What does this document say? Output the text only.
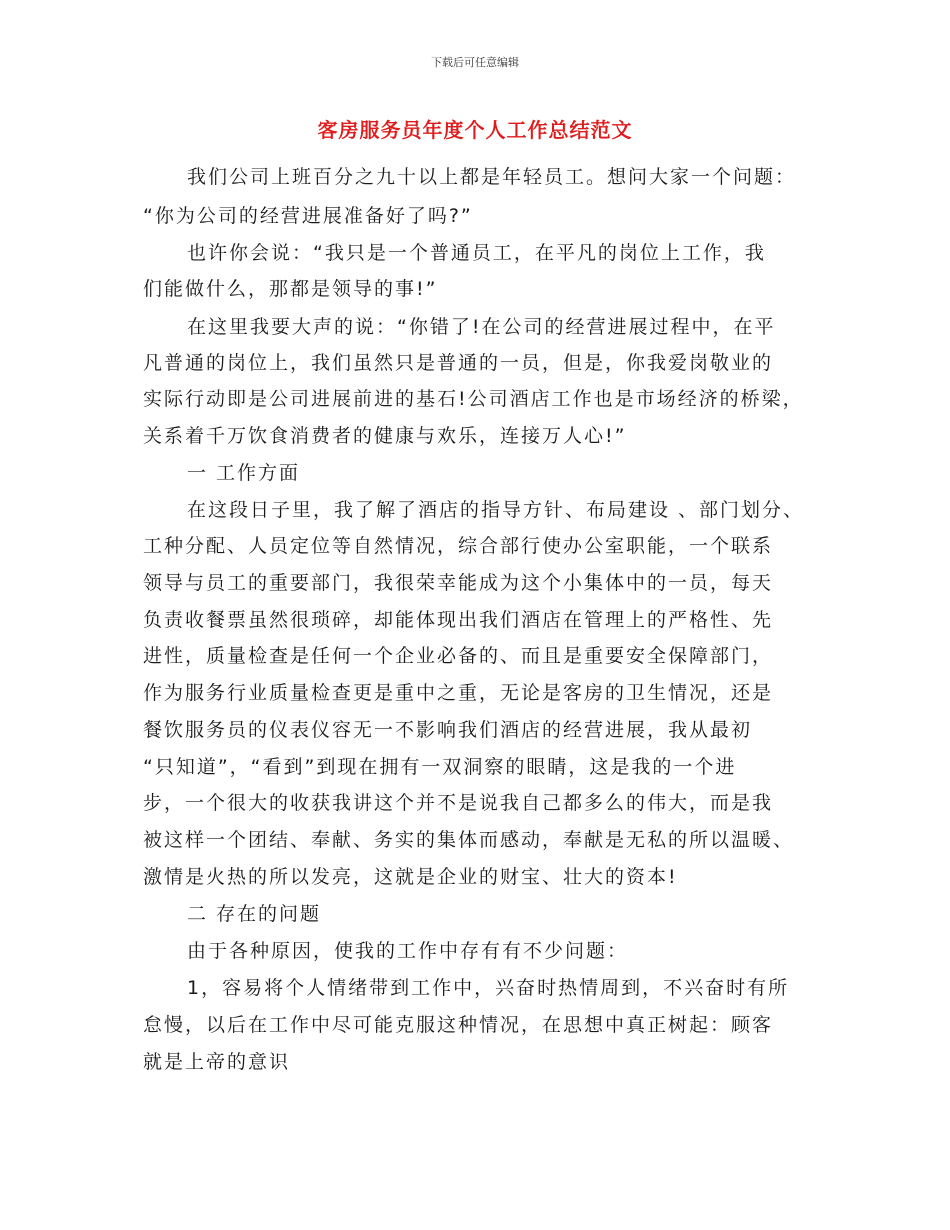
下载后可任意编辑
客房服务员年度个人工作总结范文
我们公司上班百分之九十以上都是年轻员工。想问大家一个问题：
“你为公司的经营进展准备好了吗?”
也许你会说：“我只是一个普通员工，在平凡的岗位上工作，我
们能做什么，那都是领导的事!”
在这里我要大声的说：“你错了!在公司的经营进展过程中，在平
凡普通的岗位上，我们虽然只是普通的一员，但是，你我爱岗敬业的
实际行动即是公司进展前进的基石!公司酒店工作也是市场经济的桥梁，
关系着千万饮食消费者的健康与欢乐，连接万人心!”
一 工作方面
在这段日子里，我了解了酒店的指导方针、布局建设 、部门划分、
工种分配、人员定位等自然情况，综合部行使办公室职能，一个联系
领导与员工的重要部门，我很荣幸能成为这个小集体中的一员，每天
负责收餐票虽然很琐碎，却能体现出我们酒店在管理上的严格性、先
进性，质量检查是任何一个企业必备的、而且是重要安全保障部门，
作为服务行业质量检查更是重中之重，无论是客房的卫生情况，还是
餐饮服务员的仪表仪容无一不影响我们酒店的经营进展，我从最初
“只知道”，“看到”到现在拥有一双洞察的眼睛，这是我的一个进
步，一个很大的收获我讲这个并不是说我自己都多么的伟大，而是我
被这样一个团结、奉献、务实的集体而感动，奉献是无私的所以温暖、
激情是火热的所以发亮，这就是企业的财宝、壮大的资本!
二 存在的问题
由于各种原因，使我的工作中存有有不少问题：
1，容易将个人情绪带到工作中，兴奋时热情周到，不兴奋时有所
怠慢，以后在工作中尽可能克服这种情况，在思想中真正树起：顾客
就是上帝的意识
